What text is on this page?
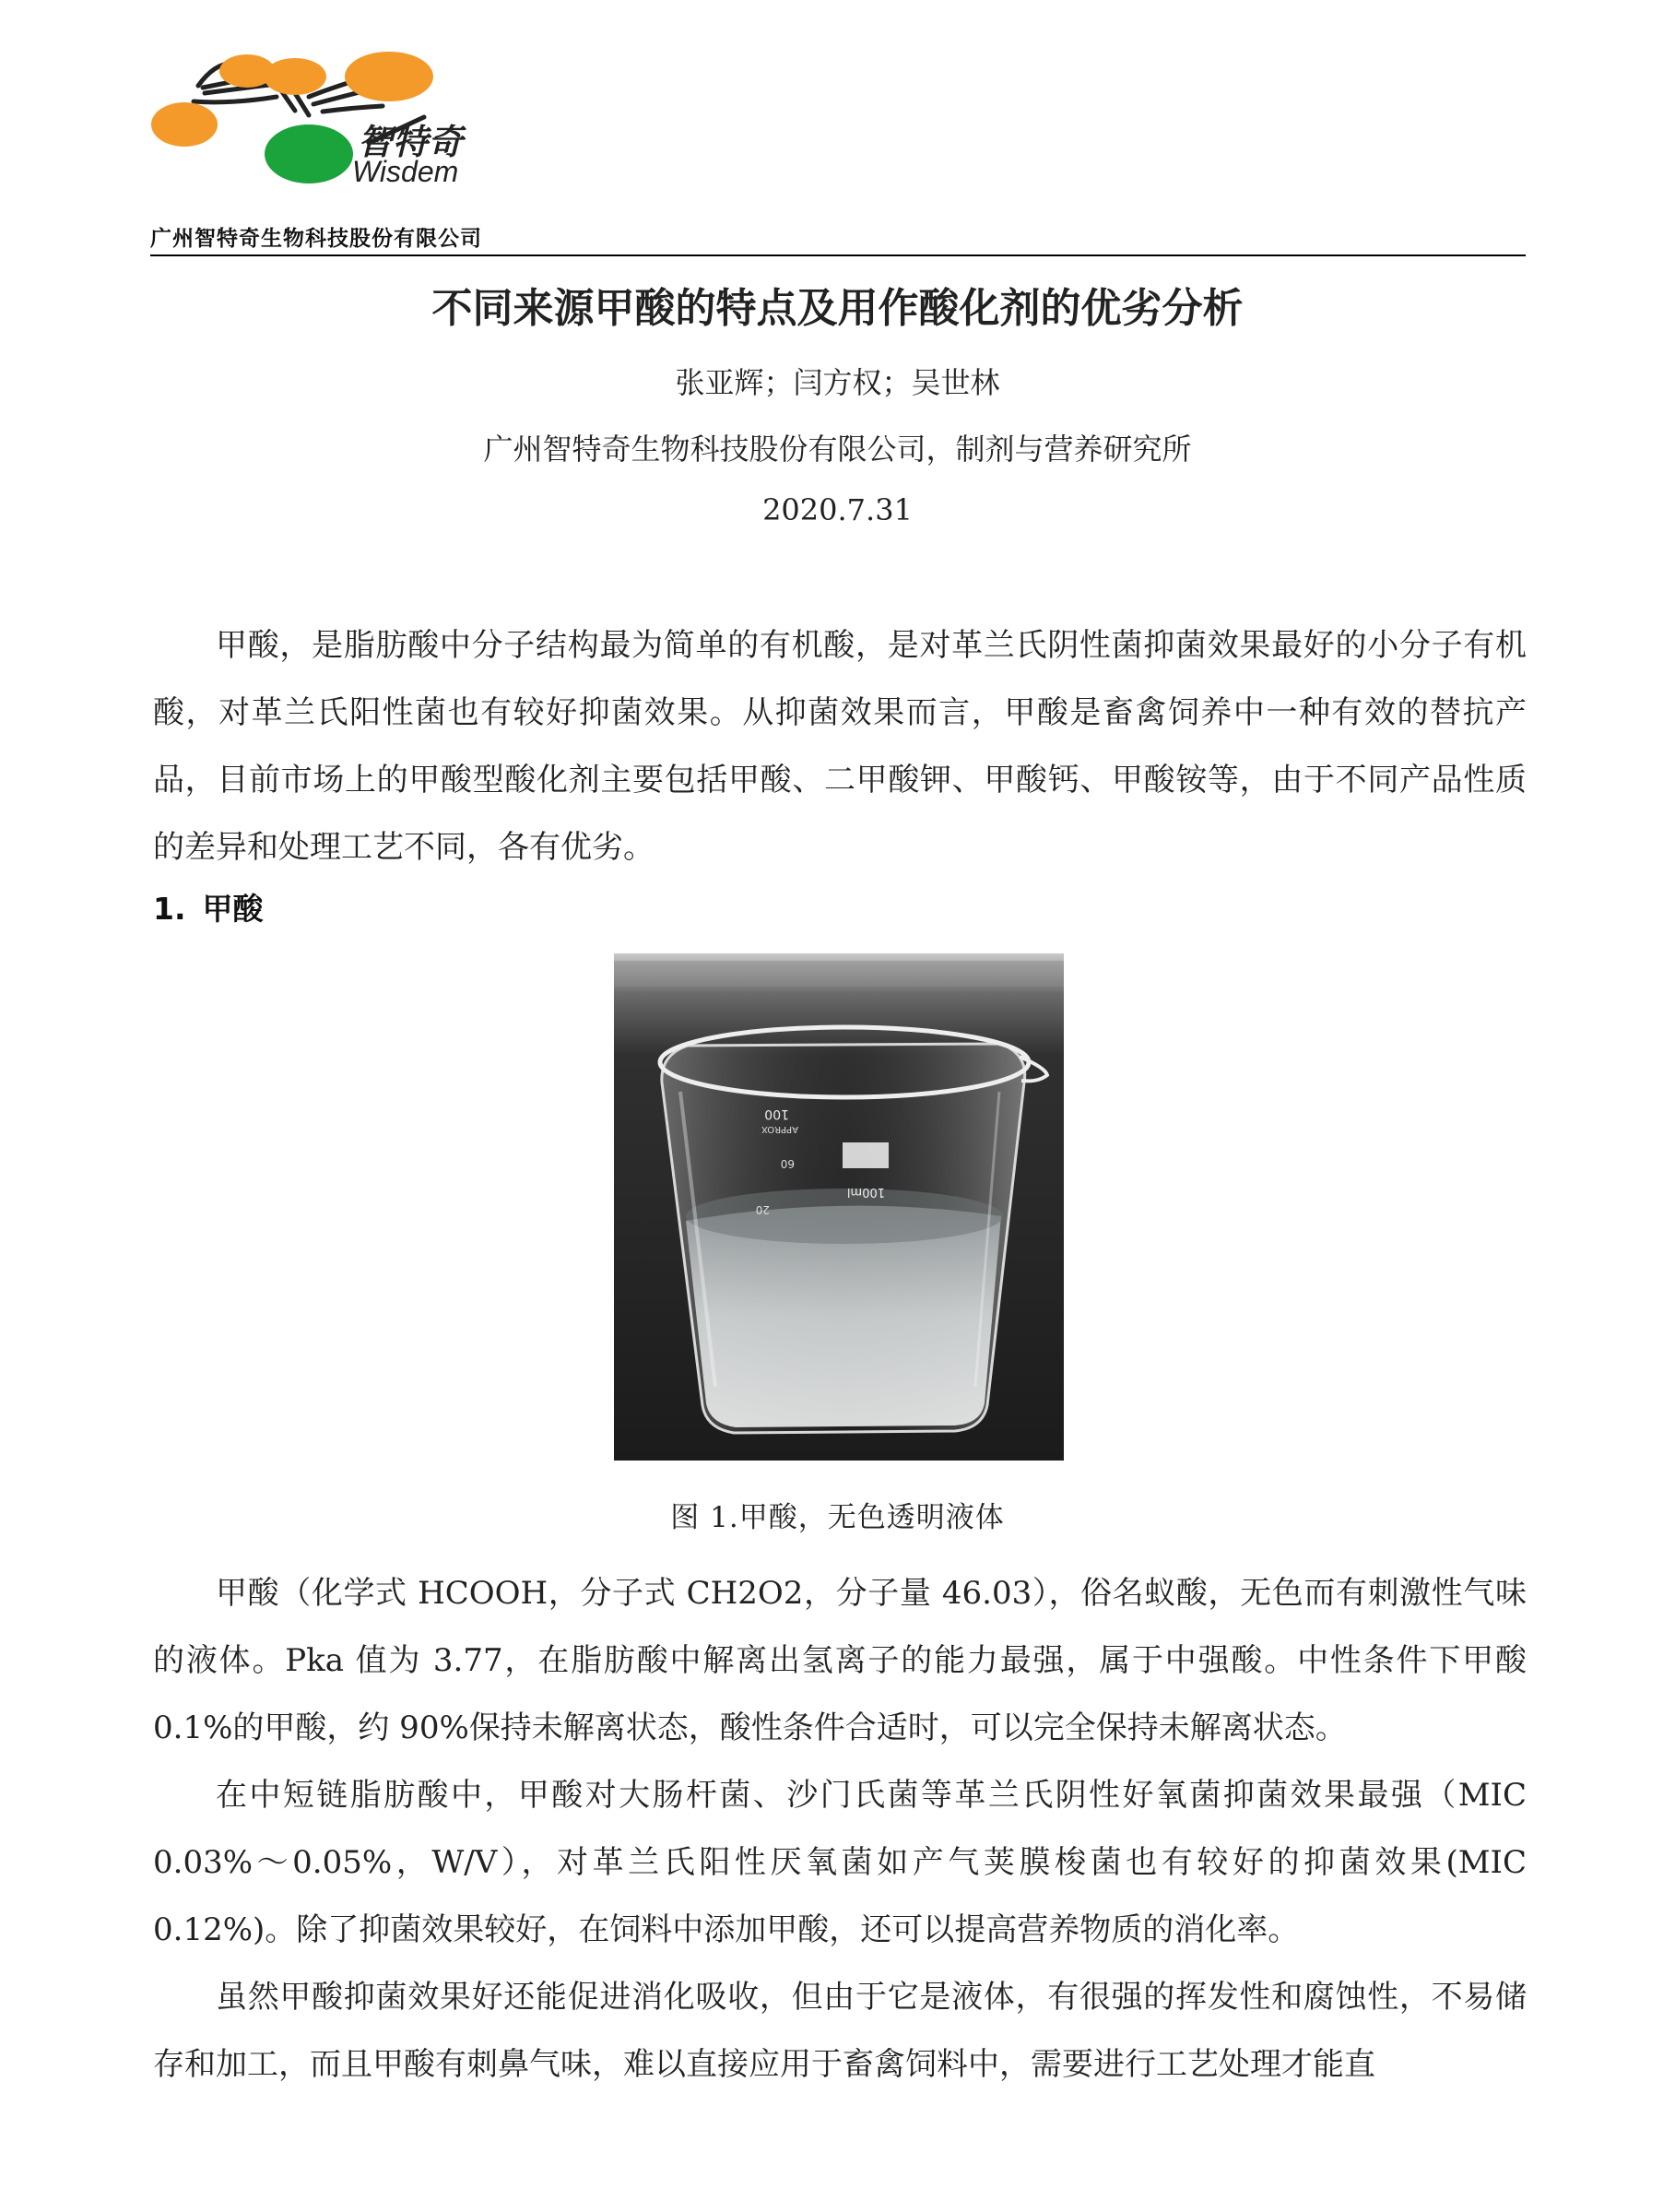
智特奇
Wisdem
广州智特奇生物科技股份有限公司
不同来源甲酸的特点及用作酸化剂的优劣分析
张亚辉；闫方权；吴世林
广州智特奇生物科技股份有限公司，制剂与营养研究所
2020.7.31

甲酸，是脂肪酸中分子结构最为简单的有机酸，是对革兰氏阴性菌抑菌效果最好的小分子有机酸，对革兰氏阳性菌也有较好抑菌效果。从抑菌效果而言，甲酸是畜禽饲养中一种有效的替抗产品，目前市场上的甲酸型酸化剂主要包括甲酸、二甲酸钾、甲酸钙、甲酸铵等，由于不同产品性质的差异和处理工艺不同，各有优劣。

1. 甲酸
100
APPROX
60
20
100ml
图 1.甲酸，无色透明液体

甲酸（化学式 HCOOH，分子式 CH2O2，分子量 46.03），俗名蚁酸，无色而有刺激性气味的液体。Pka 值为 3.77，在脂肪酸中解离出氢离子的能力最强，属于中强酸。中性条件下甲酸 0.1%的甲酸，约 90%保持未解离状态，酸性条件合适时，可以完全保持未解离状态。

在中短链脂肪酸中，甲酸对大肠杆菌、沙门氏菌等革兰氏阴性好氧菌抑菌效果最强（MIC 0.03%～0.05%，W/V），对革兰氏阳性厌氧菌如产气荚膜梭菌也有较好的抑菌效果(MIC 0.12%)。除了抑菌效果较好，在饲料中添加甲酸，还可以提高营养物质的消化率。

虽然甲酸抑菌效果好还能促进消化吸收，但由于它是液体，有很强的挥发性和腐蚀性，不易储存和加工，而且甲酸有刺鼻气味，难以直接应用于畜禽饲料中，需要进行工艺处理才能直
